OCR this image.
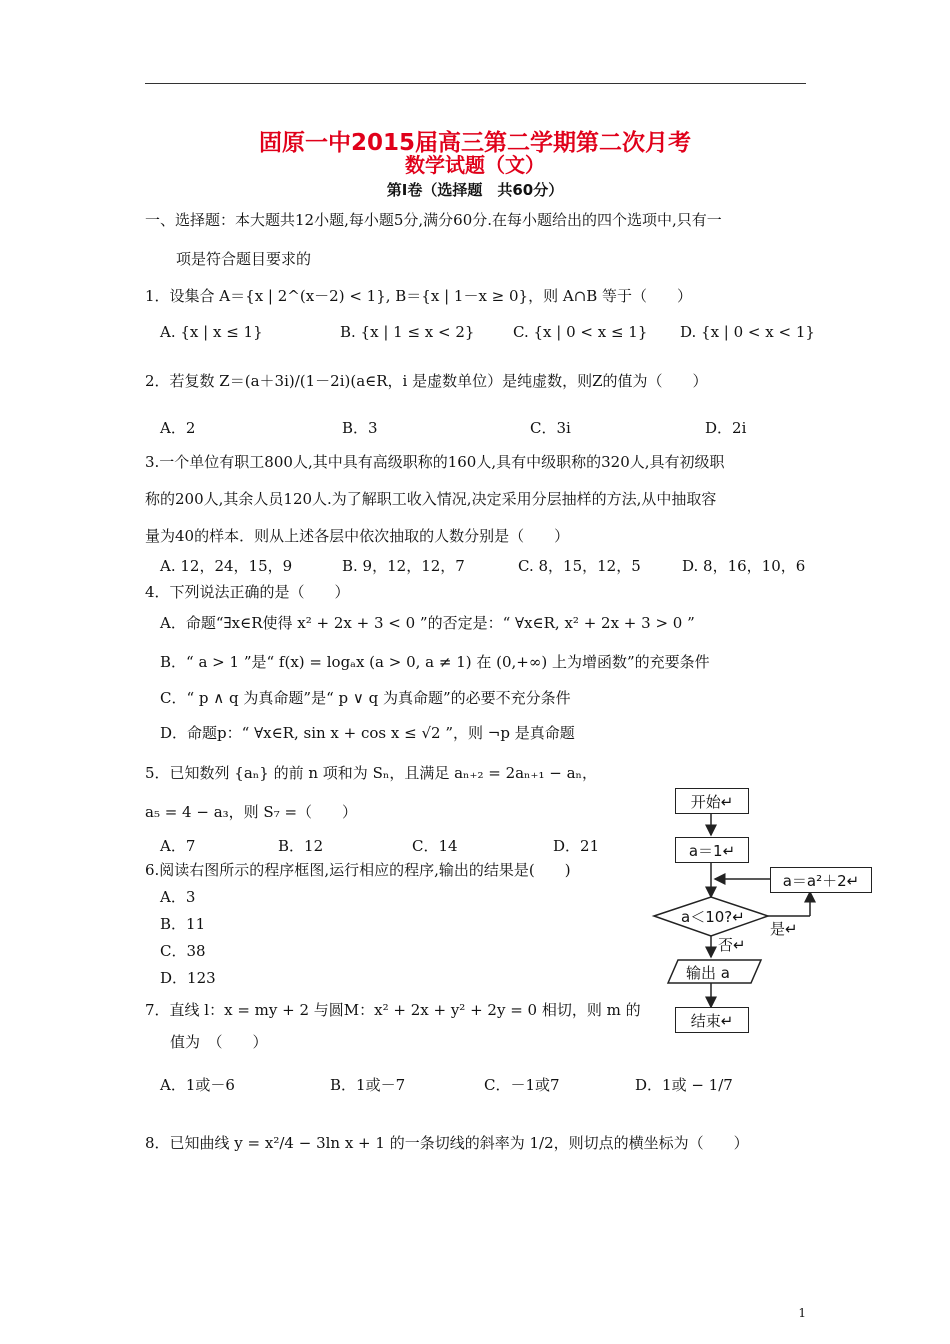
固原一中2015届高三第二学期第二次月考
数学试题（文）
第Ⅰ卷（选择题　共60分）
一、选择题：本大题共12小题,每小题5分,满分60分.在每小题给出的四个选项中,只有一
项是符合题目要求的
1．设集合 A＝{x | 2^(x－2) < 1}, B＝{x | 1－x ≥ 0}，则 A∩B 等于（　　）
A. {x | x ≤ 1}	B. {x | 1 ≤ x < 2}	C. {x | 0 < x ≤ 1} D. {x | 0 < x < 1}
2．若复数 Z＝(a＋3i)/(1－2i)(a∈R，i 是虚数单位）是纯虚数，则Z的值为（　　）
A．2	B．3	C．3i	D．2i
3.一个单位有职工800人,其中具有高级职称的160人,具有中级职称的320人,具有初级职
称的200人,其余人员120人.为了解职工收入情况,决定采用分层抽样的方法,从中抽取容
量为40的样本．则从上述各层中依次抽取的人数分别是（　　）
A. 12，24，15，9	B. 9，12，12，7	C. 8，15，12，5	D. 8，16，10，6
4．下列说法正确的是（　　）
A．命题“∃x∈R使得 x² + 2x + 3 < 0 ”的否定是：“ ∀x∈R, x² + 2x + 3 > 0 ”
B．“ a > 1 ”是“ f(x) = logₐx (a > 0, a ≠ 1) 在 (0,+∞) 上为增函数”的充要条件
C．“ p ∧ q 为真命题”是“ p ∨ q 为真命题”的必要不充分条件
D．命题p：“ ∀x∈R, sin x + cos x ≤ √2 ”，则 ¬p 是真命题
5．已知数列 {aₙ} 的前 n 项和为 Sₙ，且满足 aₙ₊₂ = 2aₙ₊₁ − aₙ，
a₅ = 4 − a₃，则 S₇ =（　　）
A．7	B．12	C．14	D．21
6.阅读右图所示的程序框图,运行相应的程序,输出的结果是(　　)
A．3
B．11
C．38
D．123
7．直线 l：x = my + 2 与圆M：x² + 2x + y² + 2y = 0 相切，则 m 的
值为　（　　）
A．1或－6	B．1或－7	C．－1或7	D．1或 − 1/7
8．已知曲线 y = x²/4 − 3ln x + 1 的一条切线的斜率为 1/2，则切点的横坐标为（　　）
开始↵
a＝1↵
a＝a²＋2↵
a＜10?↵
是↵
否↵
输出 a
结束↵
1
